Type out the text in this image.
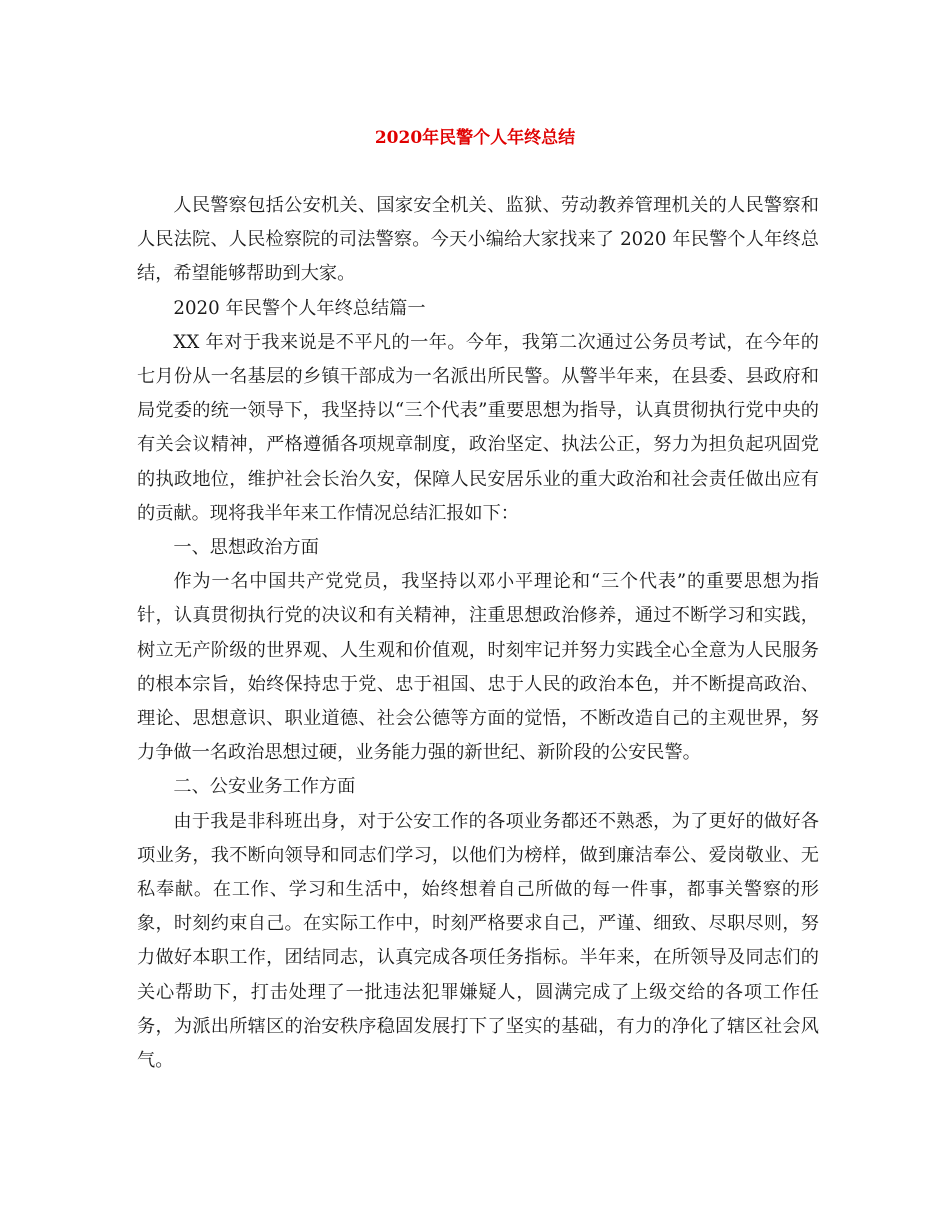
2020年民警个人年终总结

人民警察包括公安机关、国家安全机关、监狱、劳动教养管理机关的人民警察和人民法院、人民检察院的司法警察。今天小编给大家找来了 2020 年民警个人年终总结，希望能够帮助到大家。

2020 年民警个人年终总结篇一

XX 年对于我来说是不平凡的一年。今年，我第二次通过公务员考试，在今年的七月份从一名基层的乡镇干部成为一名派出所民警。从警半年来，在县委、县政府和局党委的统一领导下，我坚持以“三个代表”重要思想为指导，认真贯彻执行党中央的有关会议精神，严格遵循各项规章制度，政治坚定、执法公正，努力为担负起巩固党的执政地位，维护社会长治久安，保障人民安居乐业的重大政治和社会责任做出应有的贡献。现将我半年来工作情况总结汇报如下：

一、思想政治方面

作为一名中国共产党党员，我坚持以邓小平理论和“三个代表”的重要思想为指针，认真贯彻执行党的决议和有关精神，注重思想政治修养，通过不断学习和实践，树立无产阶级的世界观、人生观和价值观，时刻牢记并努力实践全心全意为人民服务的根本宗旨，始终保持忠于党、忠于祖国、忠于人民的政治本色，并不断提高政治、理论、思想意识、职业道德、社会公德等方面的觉悟，不断改造自己的主观世界，努力争做一名政治思想过硬，业务能力强的新世纪、新阶段的公安民警。

二、公安业务工作方面

由于我是非科班出身，对于公安工作的各项业务都还不熟悉，为了更好的做好各项业务，我不断向领导和同志们学习，以他们为榜样，做到廉洁奉公、爱岗敬业、无私奉献。在工作、学习和生活中，始终想着自己所做的每一件事，都事关警察的形象，时刻约束自己。在实际工作中，时刻严格要求自己，严谨、细致、尽职尽则，努力做好本职工作，团结同志，认真完成各项任务指标。半年来，在所领导及同志们的关心帮助下，打击处理了一批违法犯罪嫌疑人，圆满完成了上级交给的各项工作任务，为派出所辖区的治安秩序稳固发展打下了坚实的基础，有力的净化了辖区社会风气。
